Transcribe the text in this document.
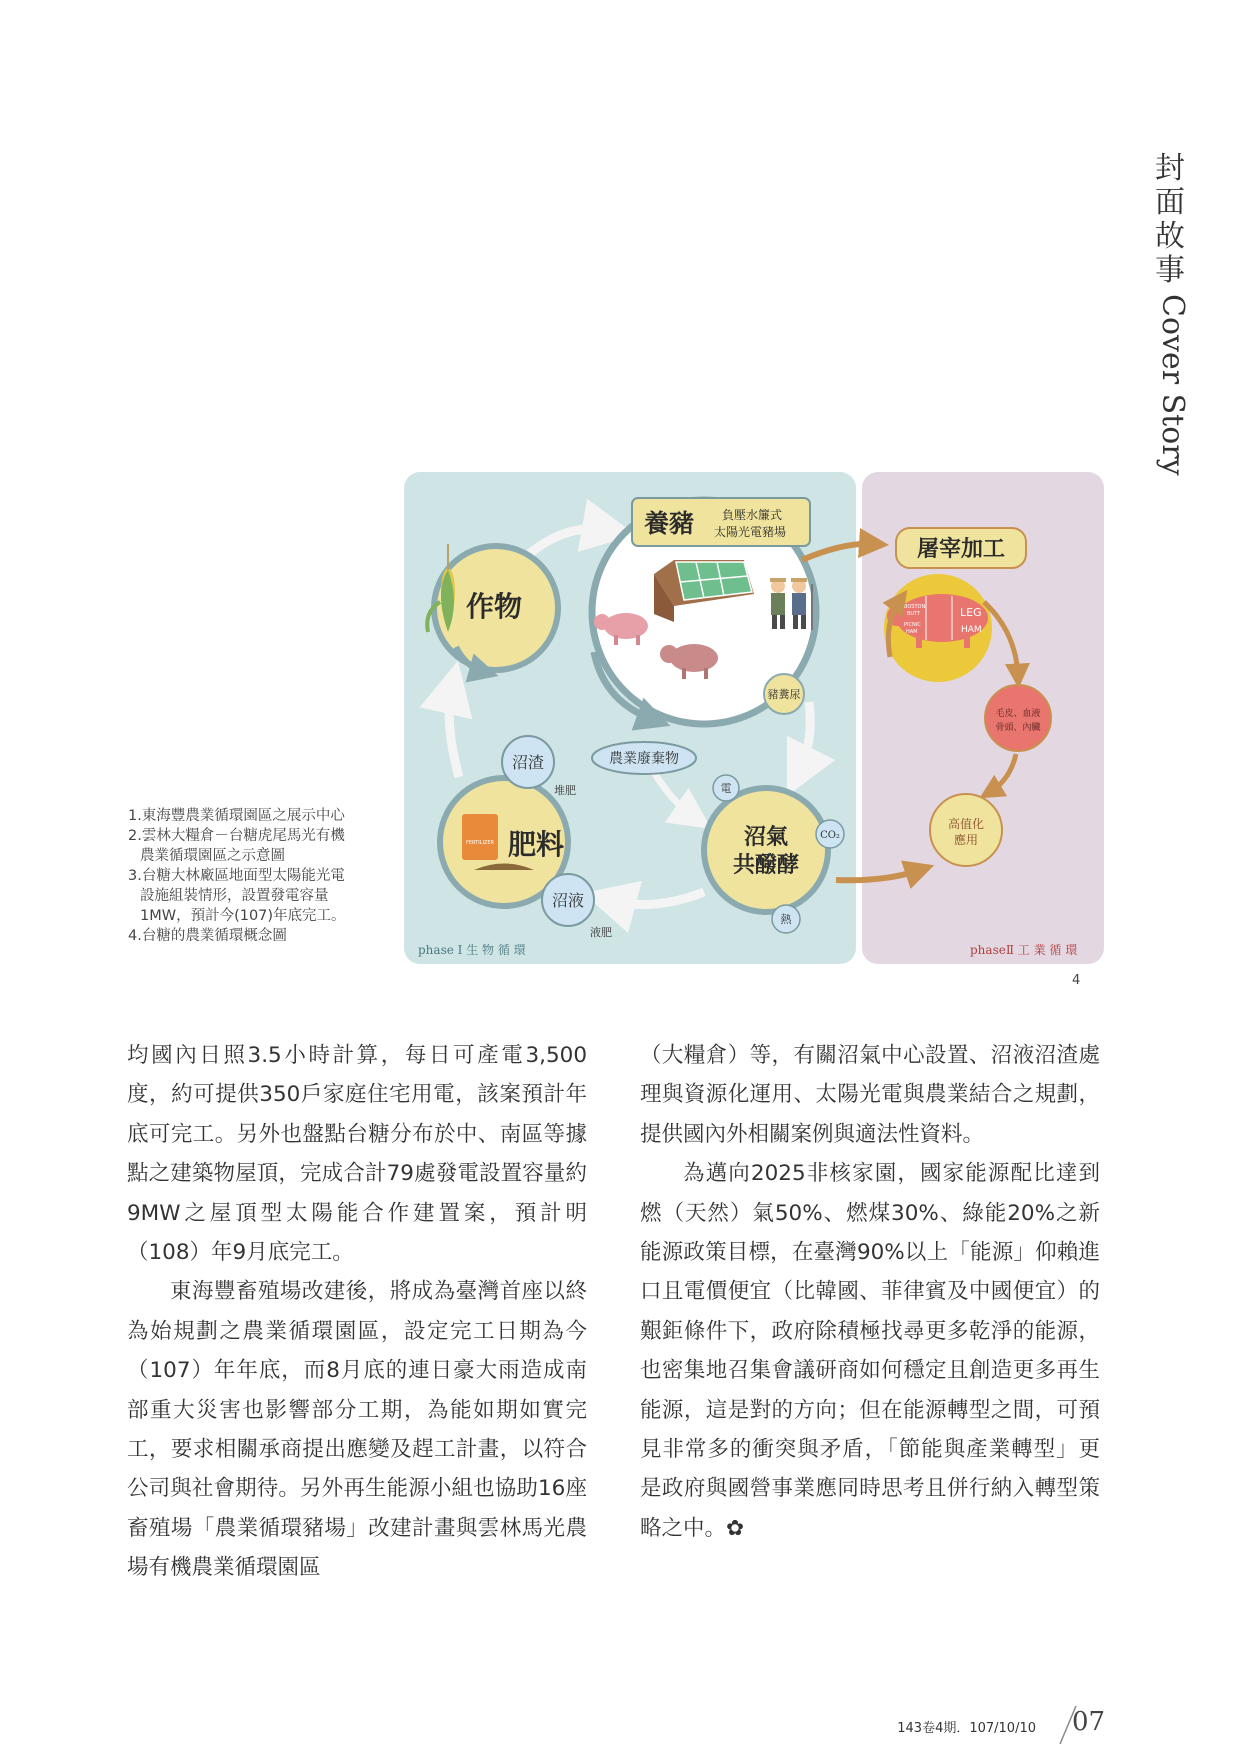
封
面
故
事
Cover Story

1.東海豐農業循環園區之展示中心

2.雲林大糧倉－台糖虎尾馬光有機
農業循環園區之示意圖

3.台糖大林廠區地面型太陽能光電
設施組裝情形，設置發電容量
1MW，預計今(107)年底完工。

4.台糖的農業循環概念圖

養豬 負壓水簾式
太陽光電豬場
豬糞尿
作物
FERTILIZER 肥料
沼渣
堆肥
沼液
液肥
農業廢棄物
沼氣
共醱酵
電
CO₂
熱
屠宰加工
BOSTON
BUTT
PICNIC
HAM
LEG
HAM
毛皮、血液
骨頭、內臟
高值化
應用
phase Ⅰ 生 物 循 環	phaseⅡ 工 業 循 環
4

均國內日照3.5小時計算，每日可產電3,500度，約可提供350戶家庭住宅用電，該案預計年底可完工。另外也盤點台糖分布於中、南區等據點之建築物屋頂，完成合計79處發電設置容量約9MW之屋頂型太陽能合作建置案，預計明（108）年9月底完工。

東海豐畜殖場改建後，將成為臺灣首座以終為始規劃之農業循環園區，設定完工日期為今（107）年年底，而8月底的連日豪大雨造成南部重大災害也影響部分工期，為能如期如實完工，要求相關承商提出應變及趕工計畫，以符合公司與社會期待。另外再生能源小組也協助16座畜殖場「農業循環豬場」改建計畫與雲林馬光農場有機農業循環園區

（大糧倉）等，有關沼氣中心設置、沼液沼渣處理與資源化運用、太陽光電與農業結合之規劃，提供國內外相關案例與適法性資料。

為邁向2025非核家園，國家能源配比達到燃（天然）氣50%、燃煤30%、綠能20%之新能源政策目標，在臺灣90%以上「能源」仰賴進口且電價便宜（比韓國、菲律賓及中國便宜）的艱鉅條件下，政府除積極找尋更多乾淨的能源，也密集地召集會議研商如何穩定且創造更多再生能源，這是對的方向；但在能源轉型之間，可預見非常多的衝突與矛盾，「節能與產業轉型」更是政府與國營事業應同時思考且併行納入轉型策略之中。✿

143卷4期．107/10/10 07
